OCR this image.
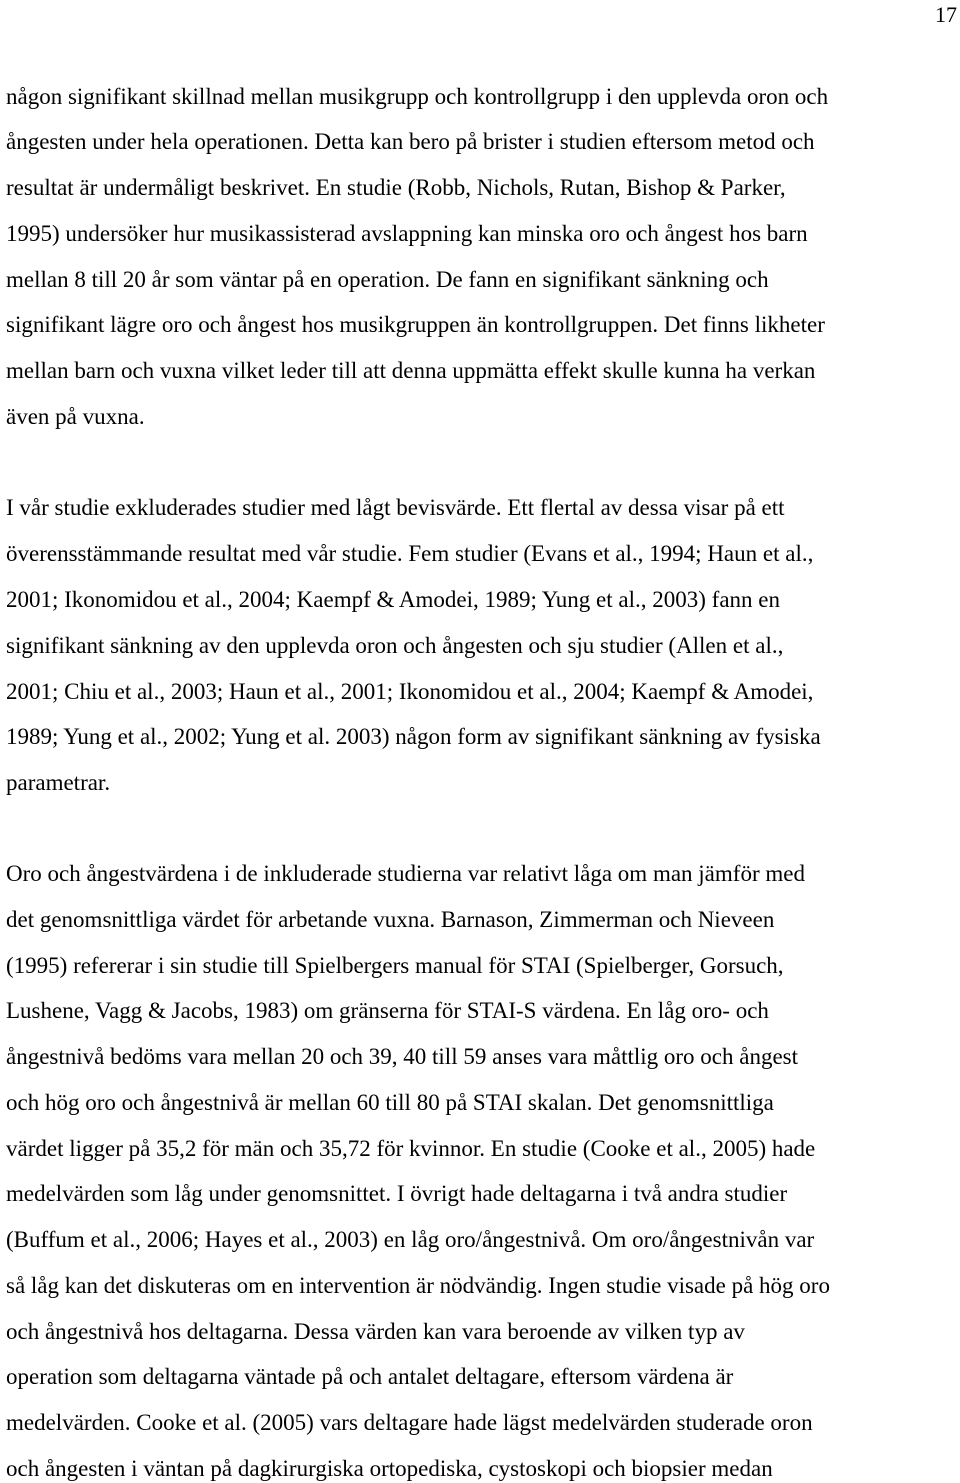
17
någon signifikant skillnad mellan musikgrupp och kontrollgrupp i den upplevda oron och
ångesten under hela operationen. Detta kan bero på brister i studien eftersom metod och
resultat är undermåligt beskrivet. En studie (Robb, Nichols, Rutan, Bishop & Parker,
1995) undersöker hur musikassisterad avslappning kan minska oro och ångest hos barn
mellan 8 till 20 år som väntar på en operation. De fann en signifikant sänkning och
signifikant lägre oro och ångest hos musikgruppen än kontrollgruppen. Det finns likheter
mellan barn och vuxna vilket leder till att denna uppmätta effekt skulle kunna ha verkan
även på vuxna.
I vår studie exkluderades studier med lågt bevisvärde. Ett flertal av dessa visar på ett
överensstämmande resultat med vår studie. Fem studier (Evans et al., 1994; Haun et al.,
2001; Ikonomidou et al., 2004; Kaempf & Amodei, 1989; Yung et al., 2003) fann en
signifikant sänkning av den upplevda oron och ångesten och sju studier (Allen et al.,
2001; Chiu et al., 2003; Haun et al., 2001; Ikonomidou et al., 2004; Kaempf & Amodei,
1989; Yung et al., 2002; Yung et al. 2003) någon form av signifikant sänkning av fysiska
parametrar.
Oro och ångestvärdena i de inkluderade studierna var relativt låga om man jämför med
det genomsnittliga värdet för arbetande vuxna. Barnason, Zimmerman och Nieveen
(1995) refererar i sin studie till Spielbergers manual för STAI (Spielberger, Gorsuch,
Lushene, Vagg & Jacobs, 1983) om gränserna för STAI-S värdena. En låg oro- och
ångestnivå bedöms vara mellan 20 och 39, 40 till 59 anses vara måttlig oro och ångest
och hög oro och ångestnivå är mellan 60 till 80 på STAI skalan. Det genomsnittliga
värdet ligger på 35,2 för män och 35,72 för kvinnor. En studie (Cooke et al., 2005) hade
medelvärden som låg under genomsnittet. I övrigt hade deltagarna i två andra studier
(Buffum et al., 2006; Hayes et al., 2003) en låg oro/ångestnivå. Om oro/ångestnivån var
så låg kan det diskuteras om en intervention är nödvändig. Ingen studie visade på hög oro
och ångestnivå hos deltagarna. Dessa värden kan vara beroende av vilken typ av
operation som deltagarna väntade på och antalet deltagare, eftersom värdena är
medelvärden. Cooke et al. (2005) vars deltagare hade lägst medelvärden studerade oron
och ångesten i väntan på dagkirurgiska ortopediska, cystoskopi och biopsier medan
